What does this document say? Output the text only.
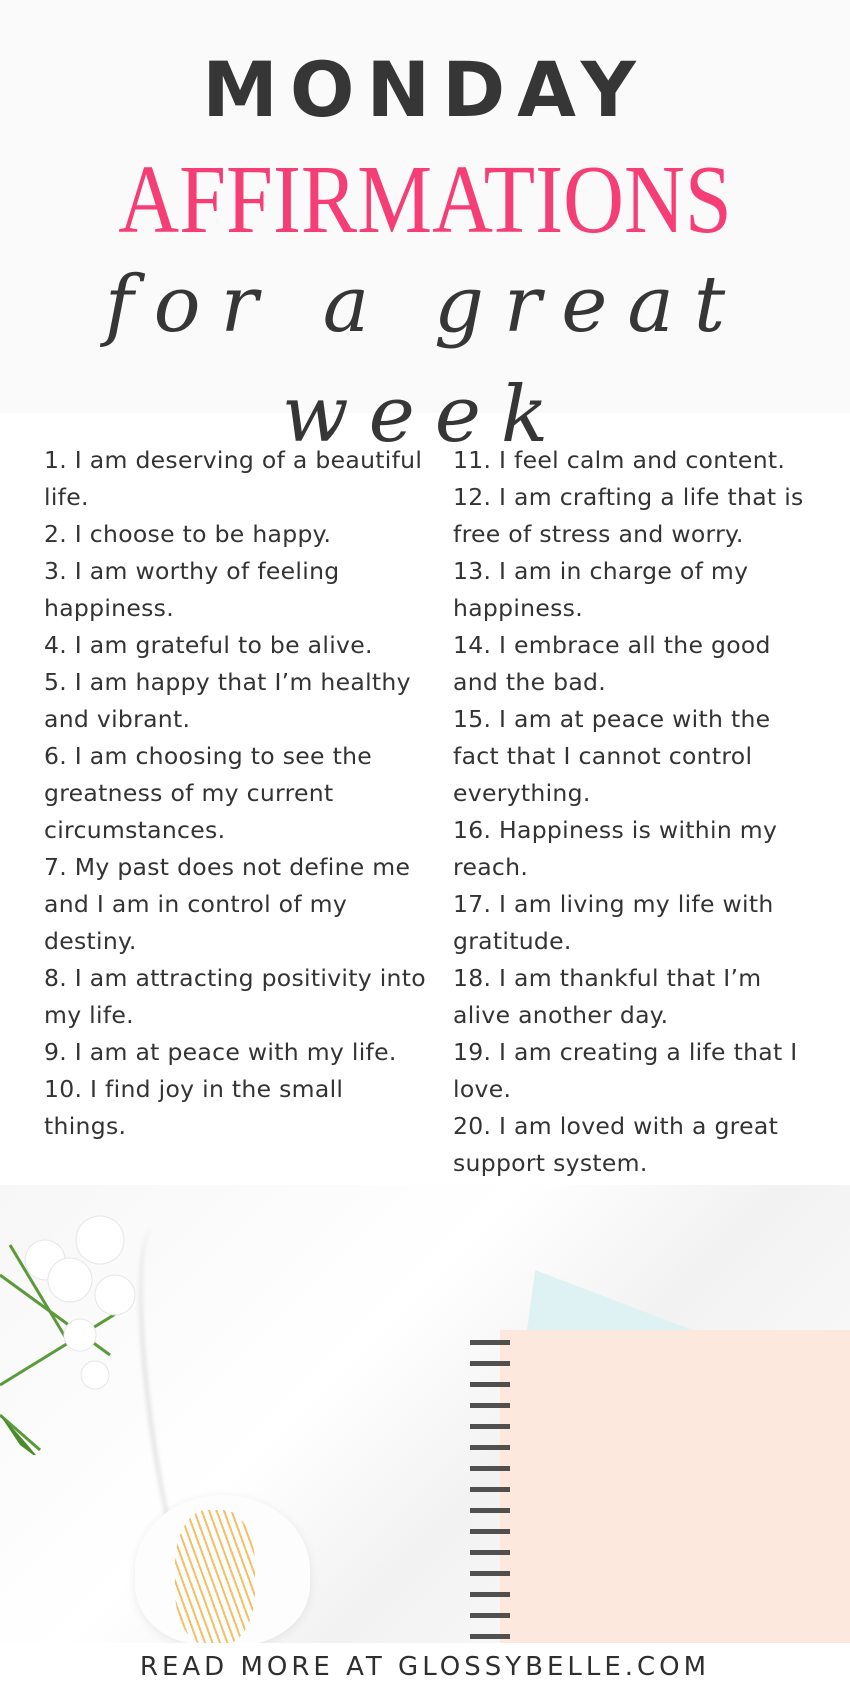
MONDAY
AFFIRMATIONS
for a great week

1. I am deserving of a beautiful life.

2. I choose to be happy.

3. I am worthy of feeling happiness.

4. I am grateful to be alive.

5. I am happy that I’m healthy and vibrant.

6. I am choosing to see the greatness of my current circumstances.

7. My past does not define me and I am in control of my destiny.

8. I am attracting positivity into my life.

9. I am at peace with my life.

10. I find joy in the small things.

11. I feel calm and content.

12. I am crafting a life that is free of stress and worry.

13. I am in charge of my happiness.

14. I embrace all the good and the bad.

15. I am at peace with the fact that I cannot control everything.

16. Happiness is within my reach.

17. I am living my life with gratitude.

18. I am thankful that I’m alive another day.

19. I am creating a life that I love.

20. I am loved with a great support system.

READ MORE AT GLOSSYBELLE.COM
